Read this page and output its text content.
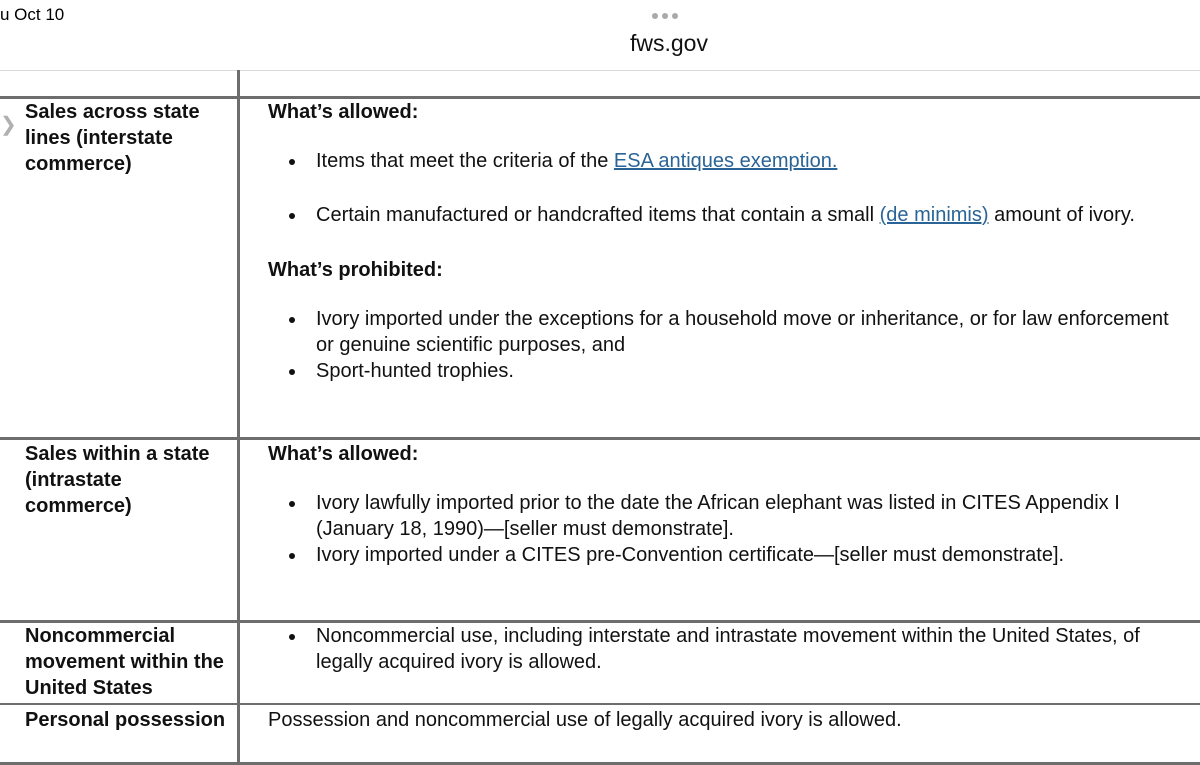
u Oct 10
fws.gov
❯
Sales across state lines (interstate commerce)
What’s allowed:
Items that meet the criteria of the ESA antiques exemption.
Certain manufactured or handcrafted items that contain a small (de minimis) amount of ivory.
What’s prohibited:
Ivory imported under the exceptions for a household move or inheritance, or for law enforcement or genuine scientific purposes, and
Sport-hunted trophies.
Sales within a state (intrastate commerce)
What’s allowed:
Ivory lawfully imported prior to the date the African elephant was listed in CITES Appendix I (January 18, 1990)—[seller must demonstrate].
Ivory imported under a CITES pre-Convention certificate—[seller must demonstrate].
Noncommercial movement within the United States
Noncommercial use, including interstate and intrastate movement within the United States, of legally acquired ivory is allowed.
Personal possession Possession and noncommercial use of legally acquired ivory is allowed.
